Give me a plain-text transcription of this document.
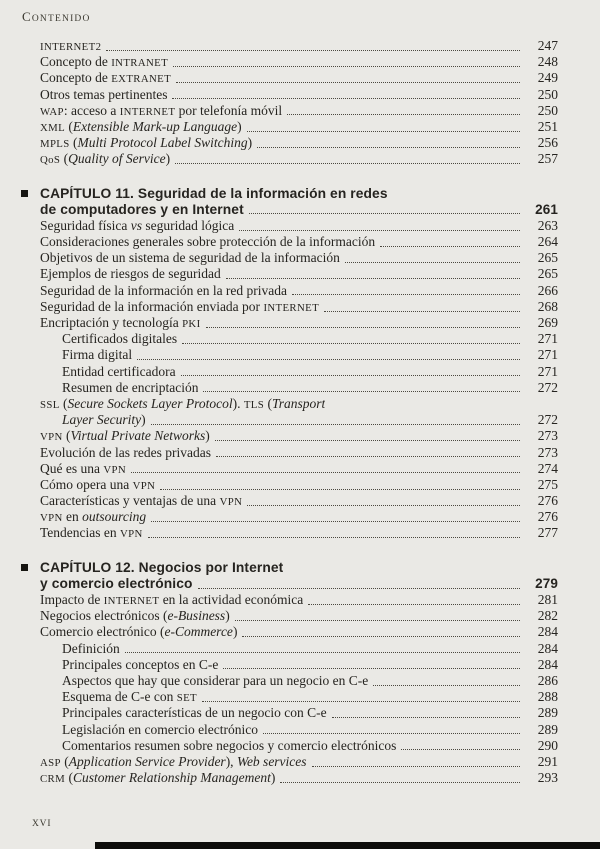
CONTENIDO
INTERNET2	247
Concepto de INTRANET	248
Concepto de EXTRANET	249
Otros temas pertinentes	250
WAP: acceso a INTERNET por telefonía móvil	250
XML (Extensible Mark-up Language)	251
MPLS (Multi Protocol Label Switching)	256
QoS (Quality of Service)	257
CAPÍTULO 11. Seguridad de la información en redes
de computadores y en Internet	261
Seguridad física vs seguridad lógica	263
Consideraciones generales sobre protección de la información	264
Objetivos de un sistema de seguridad de la información	265
Ejemplos de riesgos de seguridad	265
Seguridad de la información en la red privada	266
Seguridad de la información enviada por INTERNET	268
Encriptación y tecnología PKI	269
Certificados digitales	271
Firma digital	271
Entidad certificadora	271
Resumen de encriptación	272
SSL (Secure Sockets Layer Protocol). TLS (Transport
Layer Security)	272
VPN (Virtual Private Networks)	273
Evolución de las redes privadas	273
Qué es una VPN	274
Cómo opera una VPN	275
Características y ventajas de una VPN	276
VPN en outsourcing	276
Tendencias en VPN	277
CAPÍTULO 12. Negocios por Internet
y comercio electrónico	279
Impacto de INTERNET en la actividad económica	281
Negocios electrónicos (e-Business)	282
Comercio electrónico (e-Commerce)	284
Definición	284
Principales conceptos en C-e	284
Aspectos que hay que considerar para un negocio en C-e	286
Esquema de C-e con SET	288
Principales características de un negocio con C-e	289
Legislación en comercio electrónico	289
Comentarios resumen sobre negocios y comercio electrónicos	290
ASP (Application Service Provider), Web services	291
CRM (Customer Relationship Management)	293
XVI
